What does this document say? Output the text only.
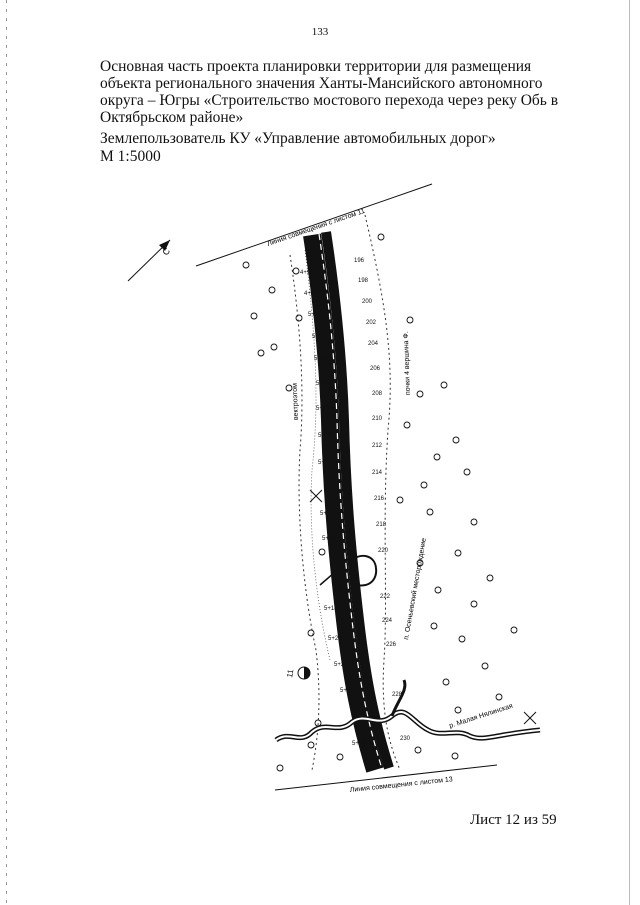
133

Основная часть проекта планировки территории для размещения
объекта регионального значения Ханты-Мансийского автономного
округа – Югры «Строительство мостового перехода через реку Обь в
Октябрьском районе»

Землепользователь КУ «Управление автомобильных дорог»
М 1:5000
С
Линия совмещения с листом 11
Линия совмещения с листом 13
р. Малая Нялинская
вектроэтом
почки 4 вершина Ф.
п. Осеньевский месторождение
11
196
198
200
202
204
206
208
210
212
214
216
218
220
222
224
226
228
230
4+96
4+98
5+00
5+02
5+04
5+06
5+08
5+10
5+12
5+14
5+16
5+18
5+20
5+22
5+24
5+26
Лист 12 из 59
